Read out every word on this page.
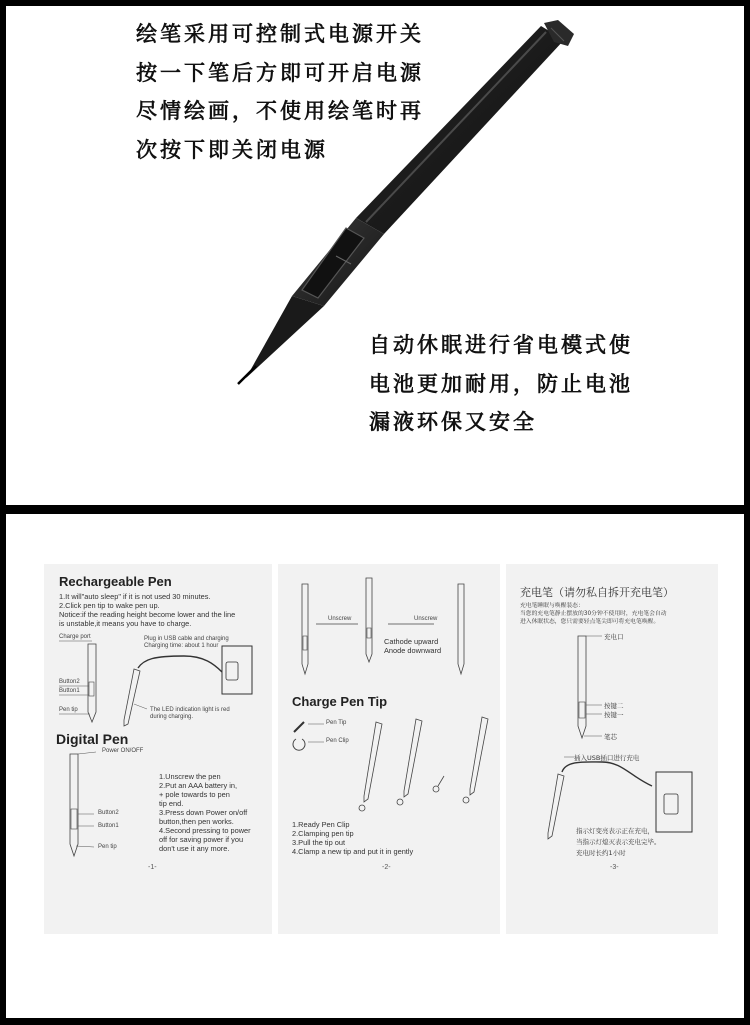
绘笔采用可控制式电源开关
按一下笔后方即可开启电源
尽情绘画，不使用绘笔时再
次按下即关闭电源
自动休眠进行省电模式使
电池更加耐用，防止电池
漏液环保又安全
Rechargeable Pen
1.It will"auto sleep" if it is not used 30 minutes.
2.Click pen tip to wake pen up.
Notice:if the reading height become lower and the line
is unstable,it means you have to charge.
Charge port
Button2
Button1
Pen tip
Plug in USB cable and charging
Charging time: about 1 hour
The LED indication light is red
during charging.
Digital Pen
Power ON/OFF
Button2
Button1
Pen tip
1.Unscrew the pen
2.Put an AAA battery in,
+ pole towards to pen
tip end.
3.Press down Power on/off
button,then pen works.
4.Second pressing to power
off for saving power if you
don't use it any more.
-1-
Unscrew	Unscrew
Cathode upward
Anode downward
Charge Pen Tip
Pen Tip
Pen Clip
1.Ready Pen Clip
2.Clamping pen tip
3.Pull the tip out
4.Clamp a new tip and put it in gently
-2-
充电笔（请勿私自拆开充电笔）
充电笔睡眠与唤醒装态：
当您的充电笔静止摆放的30分钟不使用时，充电笔会自动
进入休眠状态，您只需要轻点笔尖即可将充电笔唤醒。
充电口
按键二
按键一
笔芯
插入USB插口进行充电
指示灯变亮表示正在充电，
当指示灯熄灭表示充电完毕。
充电时长约1小时
-3-
